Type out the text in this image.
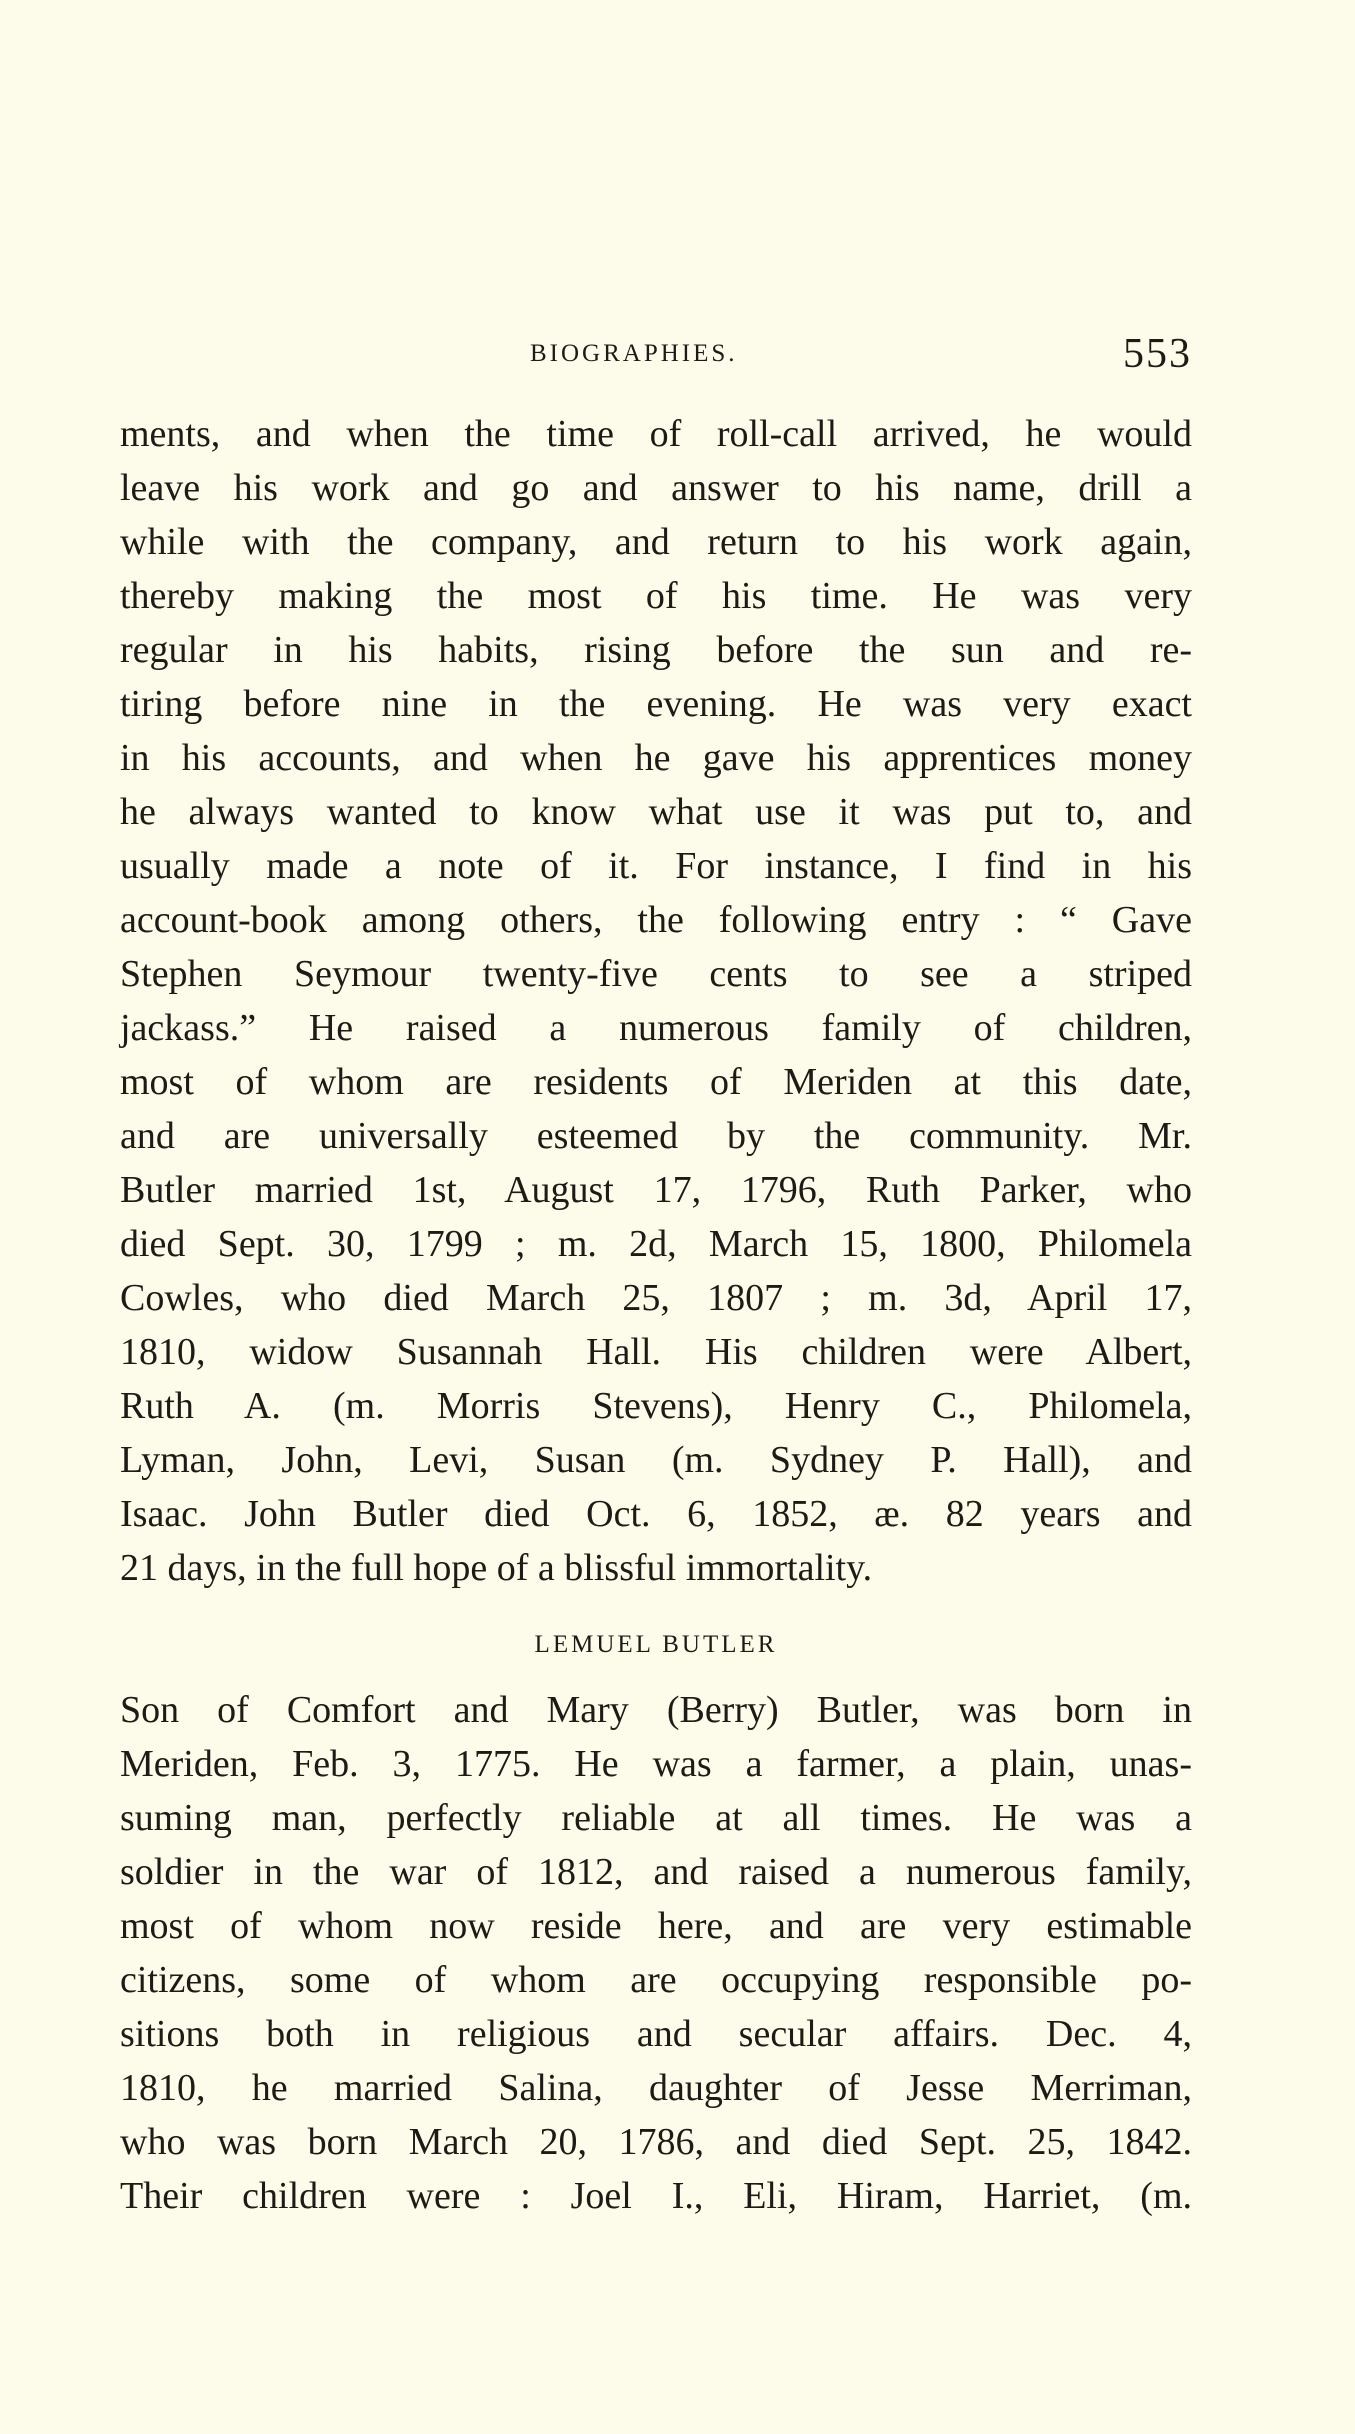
BIOGRAPHIES.	553
ments, and when the time of roll-call arrived, he would
leave his work and go and answer to his name, drill a
while with the company, and return to his work again,
thereby making the most of his time. He was very
regular in his habits, rising before the sun and re-
tiring before nine in the evening. He was very exact
in his accounts, and when he gave his apprentices money
he always wanted to know what use it was put to, and
usually made a note of it. For instance, I find in his
account-book among others, the following entry : “ Gave
Stephen Seymour twenty-five cents to see a striped
jackass.” He raised a numerous family of children,
most of whom are residents of Meriden at this date,
and are universally esteemed by the community. Mr.
Butler married 1st, August 17, 1796, Ruth Parker, who
died Sept. 30, 1799 ; m. 2d, March 15, 1800, Philomela
Cowles, who died March 25, 1807 ; m. 3d, April 17,
1810, widow Susannah Hall. His children were Albert,
Ruth A. (m. Morris Stevens), Henry C., Philomela,
Lyman, John, Levi, Susan (m. Sydney P. Hall), and
Isaac. John Butler died Oct. 6, 1852, æ. 82 years and
21 days, in the full hope of a blissful immortality.
LEMUEL BUTLER
Son of Comfort and Mary (Berry) Butler, was born in
Meriden, Feb. 3, 1775. He was a farmer, a plain, unas-
suming man, perfectly reliable at all times. He was a
soldier in the war of 1812, and raised a numerous family,
most of whom now reside here, and are very estimable
citizens, some of whom are occupying responsible po-
sitions both in religious and secular affairs. Dec. 4,
1810, he married Salina, daughter of Jesse Merriman,
who was born March 20, 1786, and died Sept. 25, 1842.
Their children were : Joel I., Eli, Hiram, Harriet, (m.
